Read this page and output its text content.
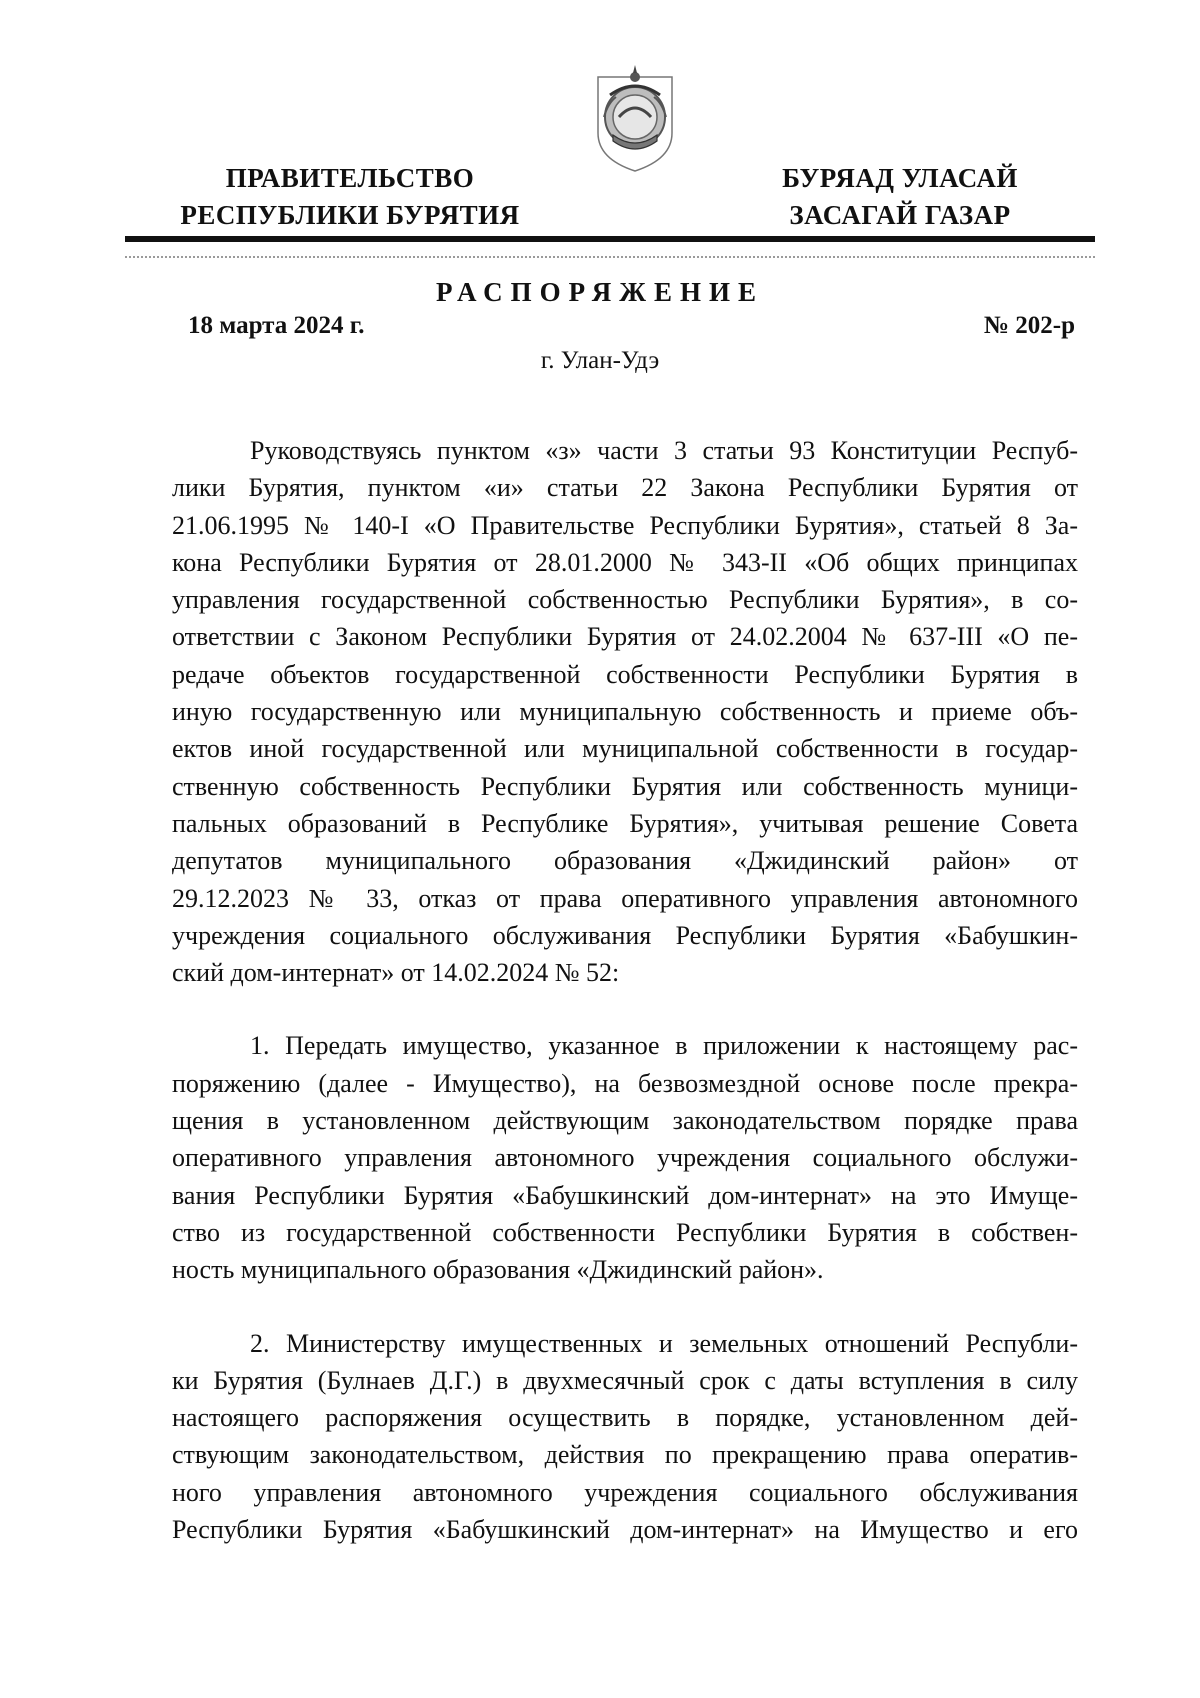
ПРАВИТЕЛЬСТВО
РЕСПУБЛИКИ БУРЯТИЯ
БУРЯАД УЛАСАЙ
ЗАСАГАЙ ГАЗАР
РАСПОРЯЖЕНИЕ
18 марта 2024 г.	№ 202-р
г. Улан-Удэ

Руководствуясь пунктом «з» части 3 статьи 93 Конституции Респуб-
лики Бурятия, пунктом «и» статьи 22 Закона Республики Бурятия от
21.06.1995 № 140-I «О Правительстве Республики Бурятия», статьей 8 За-
кона Республики Бурятия от 28.01.2000 № 343-II «Об общих принципах
управления государственной собственностью Республики Бурятия», в со-
ответствии с Законом Республики Бурятия от 24.02.2004 № 637-III «О пе-
редаче объектов государственной собственности Республики Бурятия в
иную государственную или муниципальную собственность и приеме объ-
ектов иной государственной или муниципальной собственности в государ-
ственную собственность Республики Бурятия или собственность муници-
пальных образований в Республике Бурятия», учитывая решение Совета
депутатов муниципального образования «Джидинский район» от
29.12.2023 № 33, отказ от права оперативного управления автономного
учреждения социального обслуживания Республики Бурятия «Бабушкин-
ский дом-интернат» от 14.02.2024 № 52:

1. Передать имущество, указанное в приложении к настоящему рас-
поряжению (далее - Имущество), на безвозмездной основе после прекра-
щения в установленном действующим законодательством порядке права
оперативного управления автономного учреждения социального обслужи-
вания Республики Бурятия «Бабушкинский дом-интернат» на это Имуще-
ство из государственной собственности Республики Бурятия в собствен-
ность муниципального образования «Джидинский район».

2. Министерству имущественных и земельных отношений Республи-
ки Бурятия (Булнаев Д.Г.) в двухмесячный срок с даты вступления в силу
настоящего распоряжения осуществить в порядке, установленном дей-
ствующим законодательством, действия по прекращению права оператив-
ного управления автономного учреждения социального обслуживания
Республики Бурятия «Бабушкинский дом-интернат» на Имущество и его
